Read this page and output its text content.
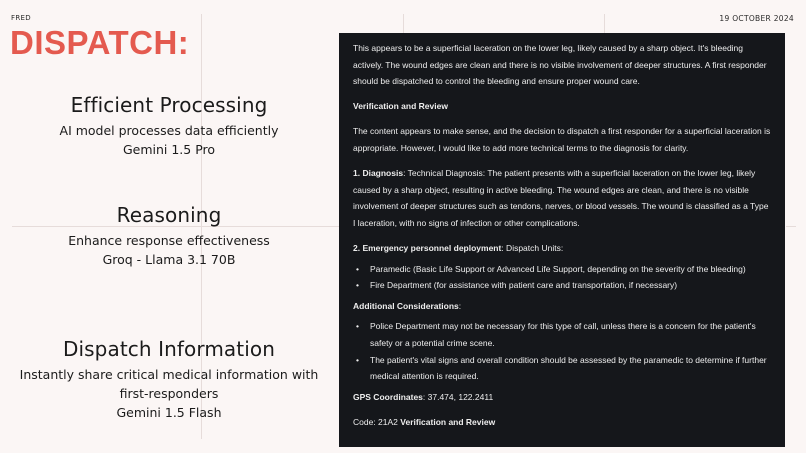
FRED	19 OCTOBER 2024
DISPATCH:
Efficient Processing
AI model processes data efficiently
Gemini 1.5 Pro
Reasoning
Enhance response effectiveness
Groq - Llama 3.1 70B
Dispatch Information
Instantly share critical medical information with first-responders
Gemini 1.5 Flash

This appears to be a superficial laceration on the lower leg, likely caused by a sharp object. It's bleeding actively. The wound edges are clean and there is no visible involvement of deeper structures. A first responder should be dispatched to control the bleeding and ensure proper wound care.

Verification and Review

The content appears to make sense, and the decision to dispatch a first responder for a superficial laceration is appropriate. However, I would like to add more technical terms to the diagnosis for clarity.

1. Diagnosis: Technical Diagnosis: The patient presents with a superficial laceration on the lower leg, likely caused by a sharp object, resulting in active bleeding. The wound edges are clean, and there is no visible involvement of deeper structures such as tendons, nerves, or blood vessels. The wound is classified as a Type I laceration, with no signs of infection or other complications.

2. Emergency personnel deployment: Dispatch Units:

• Paramedic (Basic Life Support or Advanced Life Support, depending on the severity of the bleeding)
• Fire Department (for assistance with patient care and transportation, if necessary)

Additional Considerations:

• Police Department may not be necessary for this type of call, unless there is a concern for the patient's safety or a potential crime scene.
• The patient's vital signs and overall condition should be assessed by the paramedic to determine if further medical attention is required.

GPS Coordinates: 37.474, 122.2411

Code: 21A2 Verification and Review
